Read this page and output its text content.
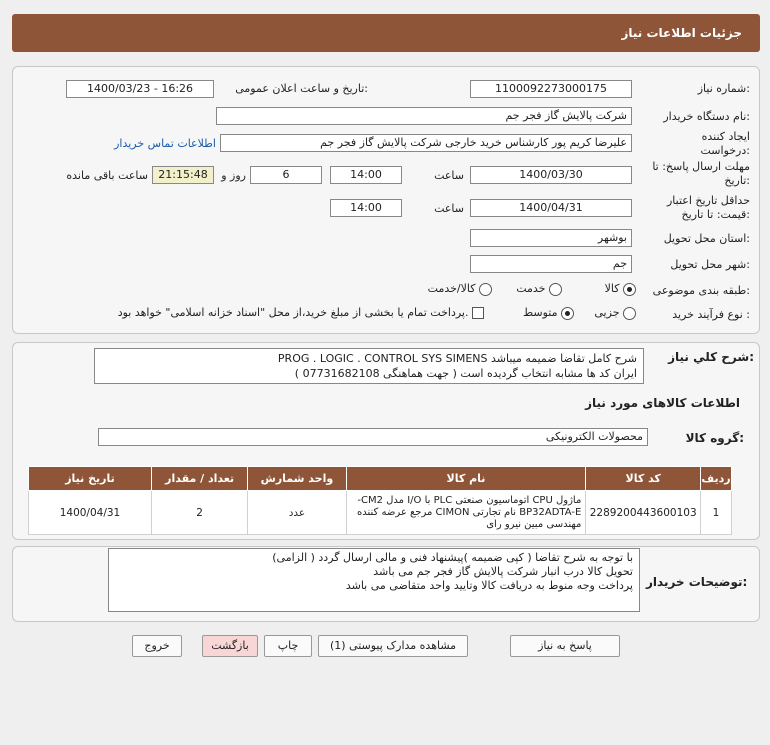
جزئیات اطلاعات نیاز
شماره نیاز:
1100092273000175
تاریخ و ساعت اعلان عمومی:
1400/03/23 - 16:26
نام دستگاه خریدار:
شرکت پالایش گاز فجر جم
ایجاد کننده درخواست:
علیرضا کریم پور کارشناس خرید خارجی شرکت پالایش گاز فجر جم
اطلاعات تماس خریدار
مهلت ارسال پاسخ: تا تاریخ:
1400/03/30
ساعت
14:00
6
روز و
21:15:48
ساعت باقی مانده
حداقل تاریخ اعتبار قیمت: تا تاریخ:
1400/04/31
ساعت
14:00
استان محل تحویل:
بوشهر
شهر محل تحویل:
جم
طبقه بندی موضوعی:
کالا
خدمت
کالا/خدمت
نوع فرآیند خرید :
جزیی
متوسط
پرداخت تمام یا بخشی از مبلغ خرید،از محل "اسناد خزانه اسلامی" خواهد بود.
شرح کلي نياز:
PROG . LOGIC . CONTROL SYS SIMENS شرح کامل تقاضا ضمیمه میباشد
ایران کد ها مشابه انتخاب گردیده است ( جهت هماهنگی 07731682108 )
اطلاعات کالاهای مورد نیاز
گروه کالا:
محصولات الکترونیکی
ردیف	کد کالا	نام کالا	واحد شمارش	تعداد / مقدار	تاریخ نیاز
1	2289200443600103	ماژول CPU اتوماسیون صنعتی PLC با I/O مدل CM2-
BP32ADTA-E نام تجارتی CIMON مرجع عرضه کننده
مهندسی مبین نیرو رای	عدد	2	1400/04/31
توضیحات خریدار:
با توجه به شرح تقاضا ( کپی ضمیمه )پیشنهاد فنی و مالی ارسال گردد ( الزامی)
تحویل کالا درب انبار شرکت پالایش گاز فجر جم می باشد
پرداخت وجه منوط به دریافت کالا وتایید واحد متقاضی می باشد
پاسخ به نیاز
مشاهده مدارک پیوستی (1)
چاپ
بازگشت
خروج
